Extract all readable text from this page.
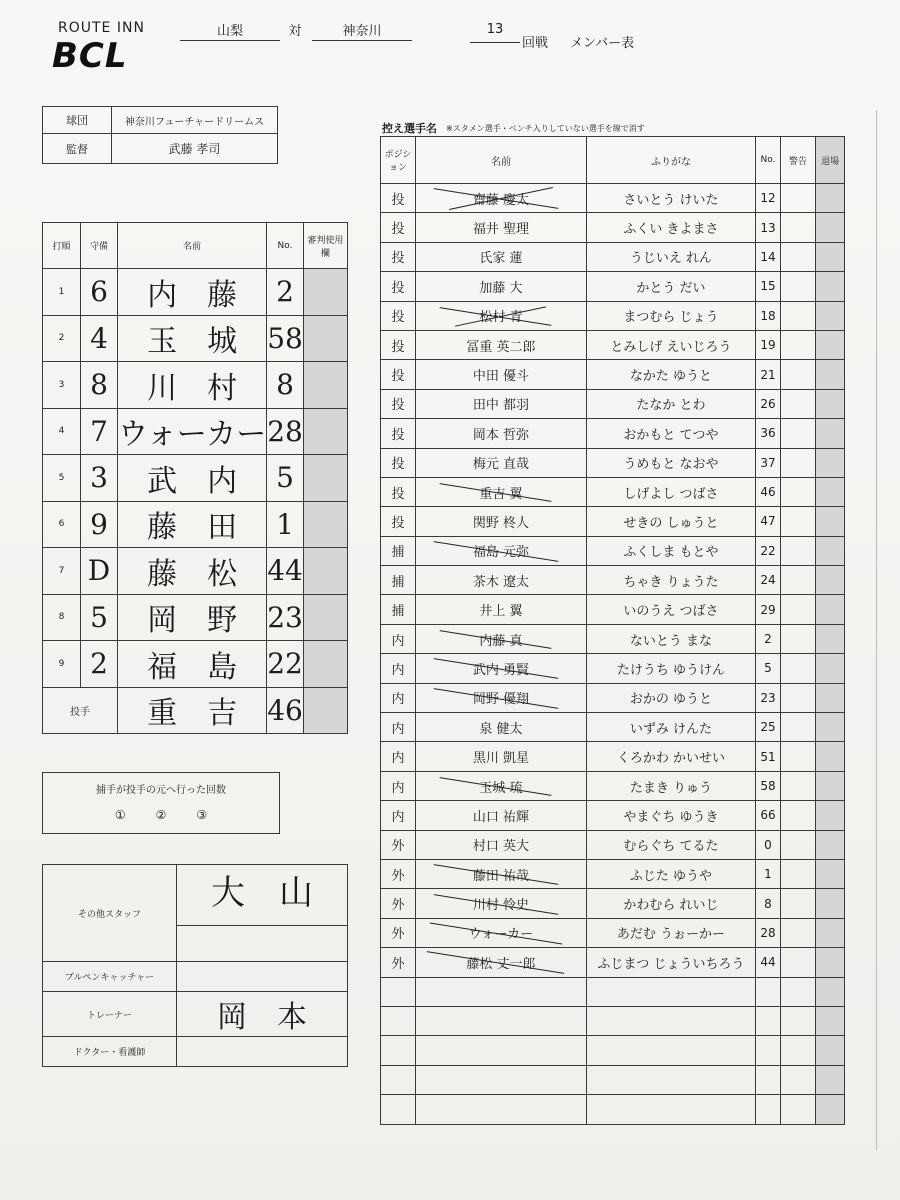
ROUTE INN
BCL
山梨	対	神奈川	13
回戦 メンバー表
球団	神奈川フューチャードリームス
監督	武藤 孝司
打順	守備	名前	No.	審判使用欄
1	6	内　藤	2	
2	4	玉　城	58	
3	8	川　村	8	
4	7	ウォーカー	28	
5	3	武　内	5	
6	9	藤　田	1	
7	D	藤　松	44	
8	5	岡　野	23	
9	2	福　島	22	
投手		重　吉	46	
捕手が投手の元へ行った回数
①	②	③
その他スタッフ	大　山

ブルペンキャッチャー	
トレーナー	岡　本
ドクター・看護師	
控え選手名 ※スタメン選手・ベンチ入りしていない選手を線で消す
ポジション	名前	ふりがな	No.	警告	退場
投	齋藤 慶太	さいとう けいた	12		
投	福井 聖理	ふくい きよまさ	13		
投	氏家 蓮	うじいえ れん	14		
投	加藤 大	かとう だい	15		
投	松村 青	まつむら じょう	18		
投	冨重 英二郎	とみしげ えいじろう	19		
投	中田 優斗	なかた ゆうと	21		
投	田中 都羽	たなか とわ	26		
投	岡本 哲弥	おかもと てつや	36		
投	梅元 直哉	うめもと なおや	37		
投	重吉 翼	しげよし つばさ	46		
投	関野 柊人	せきの しゅうと	47		
捕	福島 元弥	ふくしま もとや	22		
捕	茶木 遼太	ちゃき りょうた	24		
捕	井上 翼	いのうえ つばさ	29		
内	内藤 真	ないとう まな	2		
内	武内 勇賢	たけうち ゆうけん	5		
内	岡野 優翔	おかの ゆうと	23		
内	泉 健太	いずみ けんた	25		
内	黒川 凱星	くろかわ かいせい	51		
内	玉城 琉	たまき りゅう	58		
内	山口 祐輝	やまぐち ゆうき	66		
外	村口 英大	むらぐち てるた	0		
外	藤田 祐哉	ふじた ゆうや	1		
外	川村 怜史	かわむら れいじ	8		
外	ウォーカー	あだむ うぉーかー	28		
外	藤松 丈一郎	ふじまつ じょういちろう	44		
